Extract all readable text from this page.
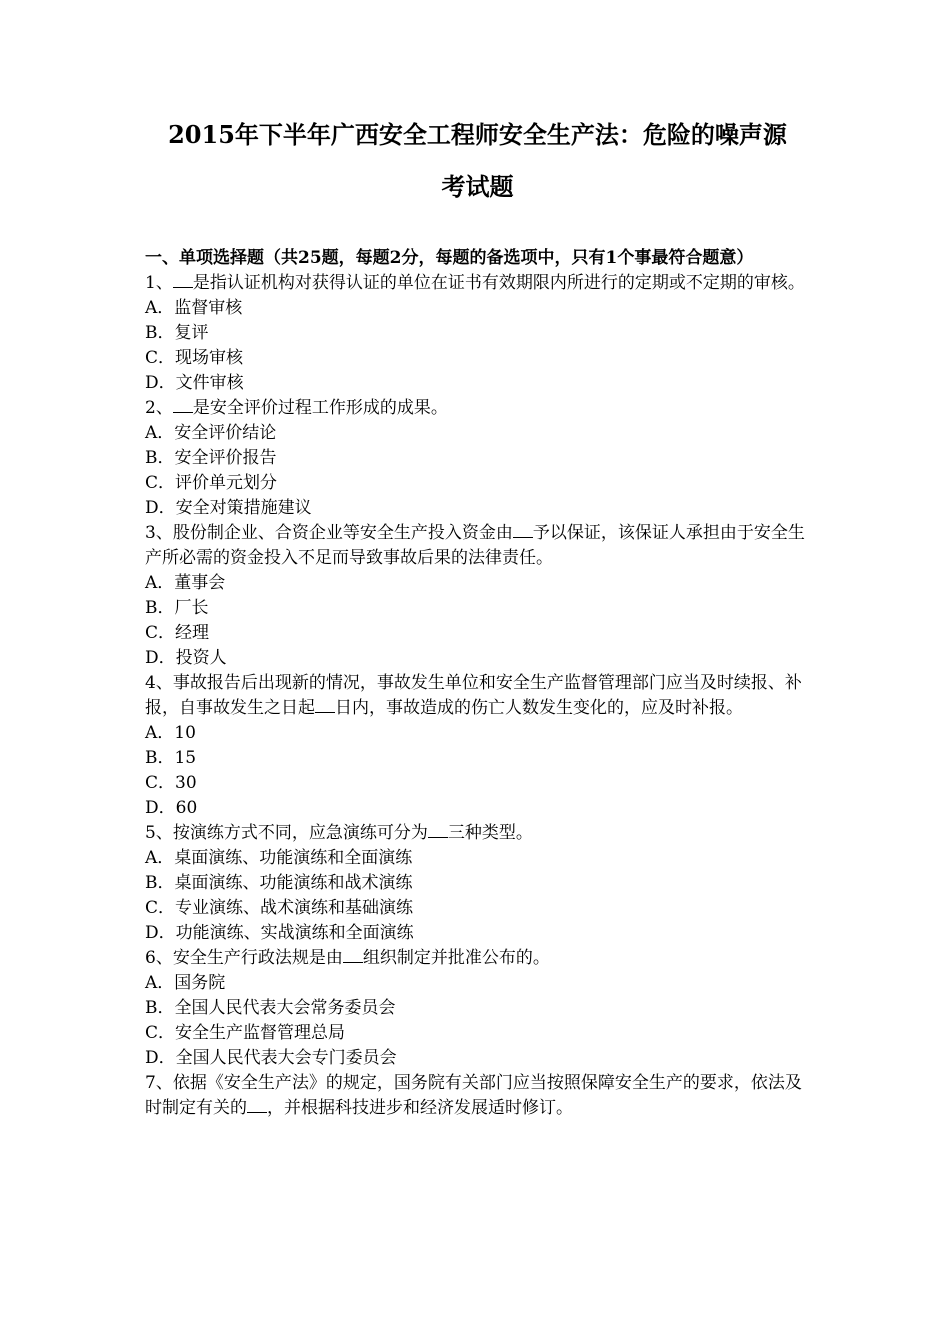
2015年下半年广西安全工程师安全生产法：危险的噪声源
考试题

一、单项选择题（共25题，每题2分，每题的备选项中，只有1个事最符合题意）

1、 是指认证机构对获得认证的单位在证书有效期限内所进行的定期或不定期的审核。

A．监督审核

B．复评

C．现场审核

D．文件审核

2、 是安全评价过程工作形成的成果。

A．安全评价结论

B．安全评价报告

C．评价单元划分

D．安全对策措施建议

3、股份制企业、合资企业等安全生产投入资金由 予以保证，该保证人承担由于安全生产所必需的资金投入不足而导致事故后果的法律责任。

A．董事会

B．厂长

C．经理

D．投资人

4、事故报告后出现新的情况，事故发生单位和安全生产监督管理部门应当及时续报、补报，自事故发生之日起 日内，事故造成的伤亡人数发生变化的，应及时补报。

A．10

B．15

C．30

D．60

5、按演练方式不同，应急演练可分为 三种类型。

A．桌面演练、功能演练和全面演练

B．桌面演练、功能演练和战术演练

C．专业演练、战术演练和基础演练

D．功能演练、实战演练和全面演练

6、安全生产行政法规是由 组织制定并批准公布的。

A．国务院

B．全国人民代表大会常务委员会

C．安全生产监督管理总局

D．全国人民代表大会专门委员会

7、依据《安全生产法》的规定，国务院有关部门应当按照保障安全生产的要求，依法及时制定有关的 ，并根据科技进步和经济发展适时修订。
